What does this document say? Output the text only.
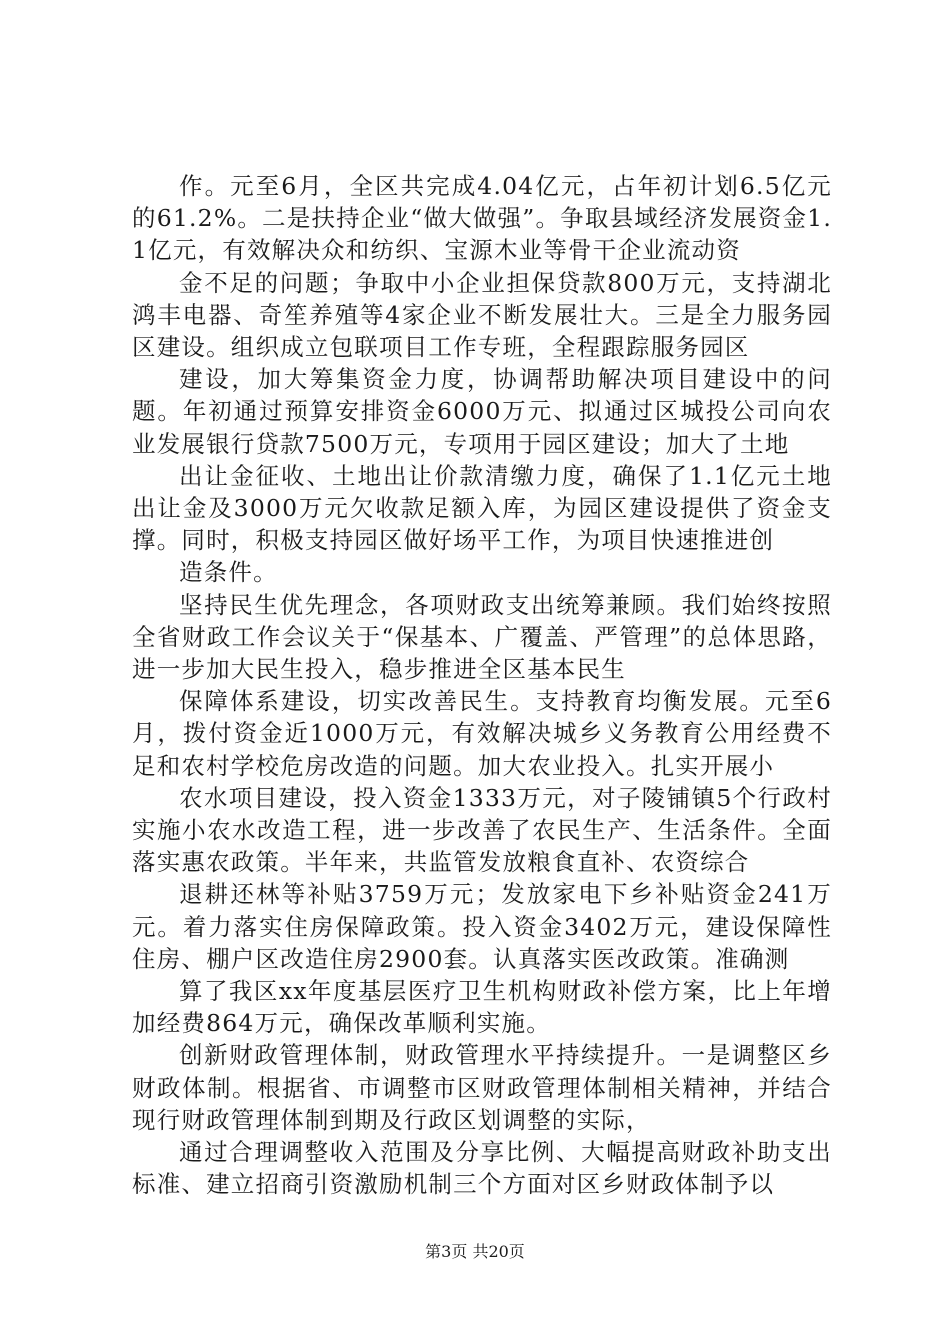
作。元至6月，全区共完成4.04亿元，占年初计划6.5亿元的61.2%。二是扶持企业“做大做强”。争取县域经济发展资金1.1亿元，有效解决众和纺织、宝源木业等骨干企业流动资

金不足的问题；争取中小企业担保贷款800万元，支持湖北鸿丰电器、奇笙养殖等4家企业不断发展壮大。三是全力服务园区建设。组织成立包联项目工作专班，全程跟踪服务园区

建设，加大筹集资金力度，协调帮助解决项目建设中的问题。年初通过预算安排资金6000万元、拟通过区城投公司向农业发展银行贷款7500万元，专项用于园区建设；加大了土地

出让金征收、土地出让价款清缴力度，确保了1.1亿元土地出让金及3000万元欠收款足额入库，为园区建设提供了资金支撑。同时，积极支持园区做好场平工作，为项目快速推进创

造条件。

坚持民生优先理念，各项财政支出统筹兼顾。我们始终按照全省财政工作会议关于“保基本、广覆盖、严管理”的总体思路，进一步加大民生投入，稳步推进全区基本民生

保障体系建设，切实改善民生。支持教育均衡发展。元至6月，拨付资金近1000万元，有效解决城乡义务教育公用经费不足和农村学校危房改造的问题。加大农业投入。扎实开展小

农水项目建设，投入资金1333万元，对子陵铺镇5个行政村实施小农水改造工程，进一步改善了农民生产、生活条件。全面落实惠农政策。半年来，共监管发放粮食直补、农资综合

退耕还林等补贴3759万元；发放家电下乡补贴资金241万元。着力落实住房保障政策。投入资金3402万元，建设保障性住房、棚户区改造住房2900套。认真落实医改政策。准确测

算了我区xx年度基层医疗卫生机构财政补偿方案，比上年增加经费864万元，确保改革顺利实施。

创新财政管理体制，财政管理水平持续提升。一是调整区乡财政体制。根据省、市调整市区财政管理体制相关精神，并结合现行财政管理体制到期及行政区划调整的实际，

通过合理调整收入范围及分享比例、大幅提高财政补助支出标准、建立招商引资激励机制三个方面对区乡财政体制予以

第3页 共20页
